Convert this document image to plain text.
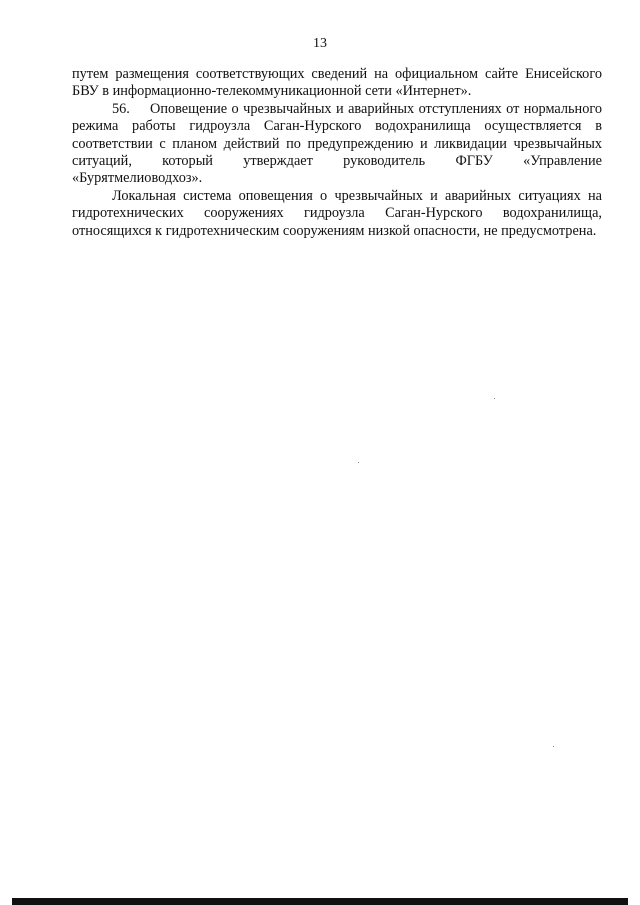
13

путем размещения соответствующих сведений на официальном сайте Енисейского БВУ в информационно-телекоммуникационной сети «Интернет».

56. Оповещение о чрезвычайных и аварийных отступлениях от нормального режима работы гидроузла Саган-Нурского водохранилища осуществляется в соответствии с планом действий по предупреждению и ликвидации чрезвычайных ситуаций, который утверждает руководитель ФГБУ «Управление «Бурятмелиоводхоз».

Локальная система оповещения о чрезвычайных и аварийных ситуациях на гидротехнических сооружениях гидроузла Саган-Нурского водохранилища, относящихся к гидротехническим сооружениям низкой опасности, не предусмотрена.
